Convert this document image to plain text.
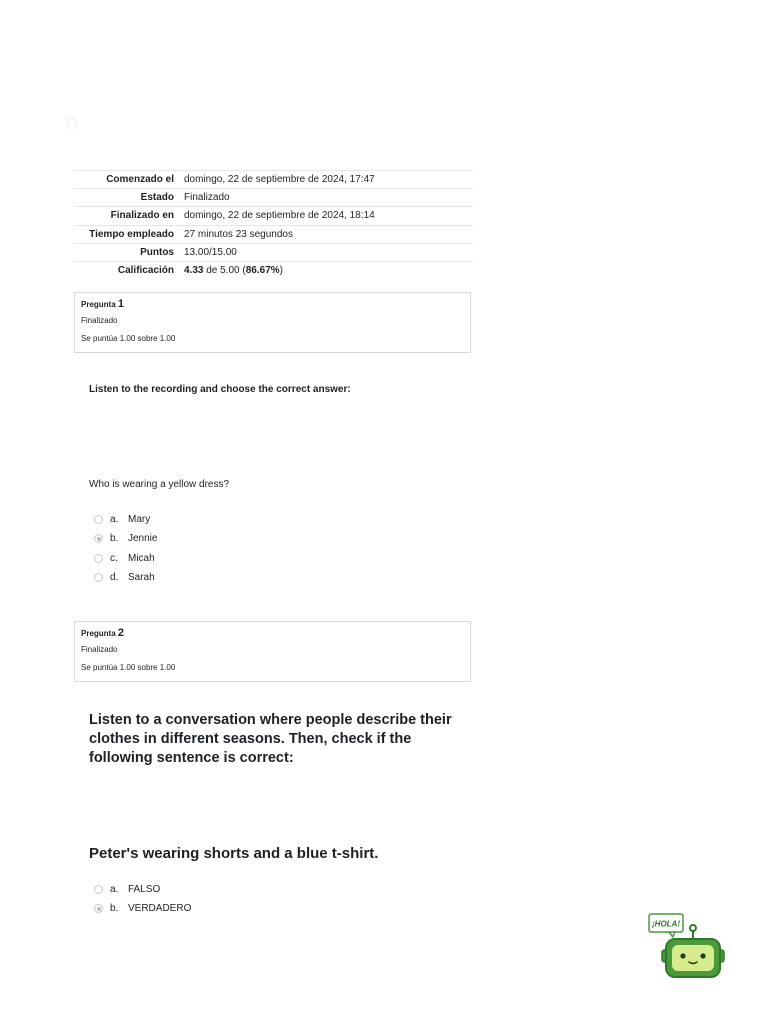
Comenzado el	domingo, 22 de septiembre de 2024, 17:47
Estado	Finalizado
Finalizado en	domingo, 22 de septiembre de 2024, 18:14
Tiempo empleado	27 minutos 23 segundos
Puntos	13.00/15.00
Calificación	4.33 de 5.00 (86.67%)
Pregunta 1
Finalizado
Se puntúa 1.00 sobre 1.00
Listen to the recording and choose the correct answer:
Who is wearing a yellow dress?
a. Mary
b. Jennie
c.	Micah
d. Sarah
Pregunta 2
Finalizado
Se puntúa 1.00 sobre 1.00
Listen to a conversation where people describe their clothes in different seasons. Then, check if the following sentence is correct:
Peter's wearing shorts and a blue t-shirt.
a. FALSO
b. VERDADERO
¡HOLA!
